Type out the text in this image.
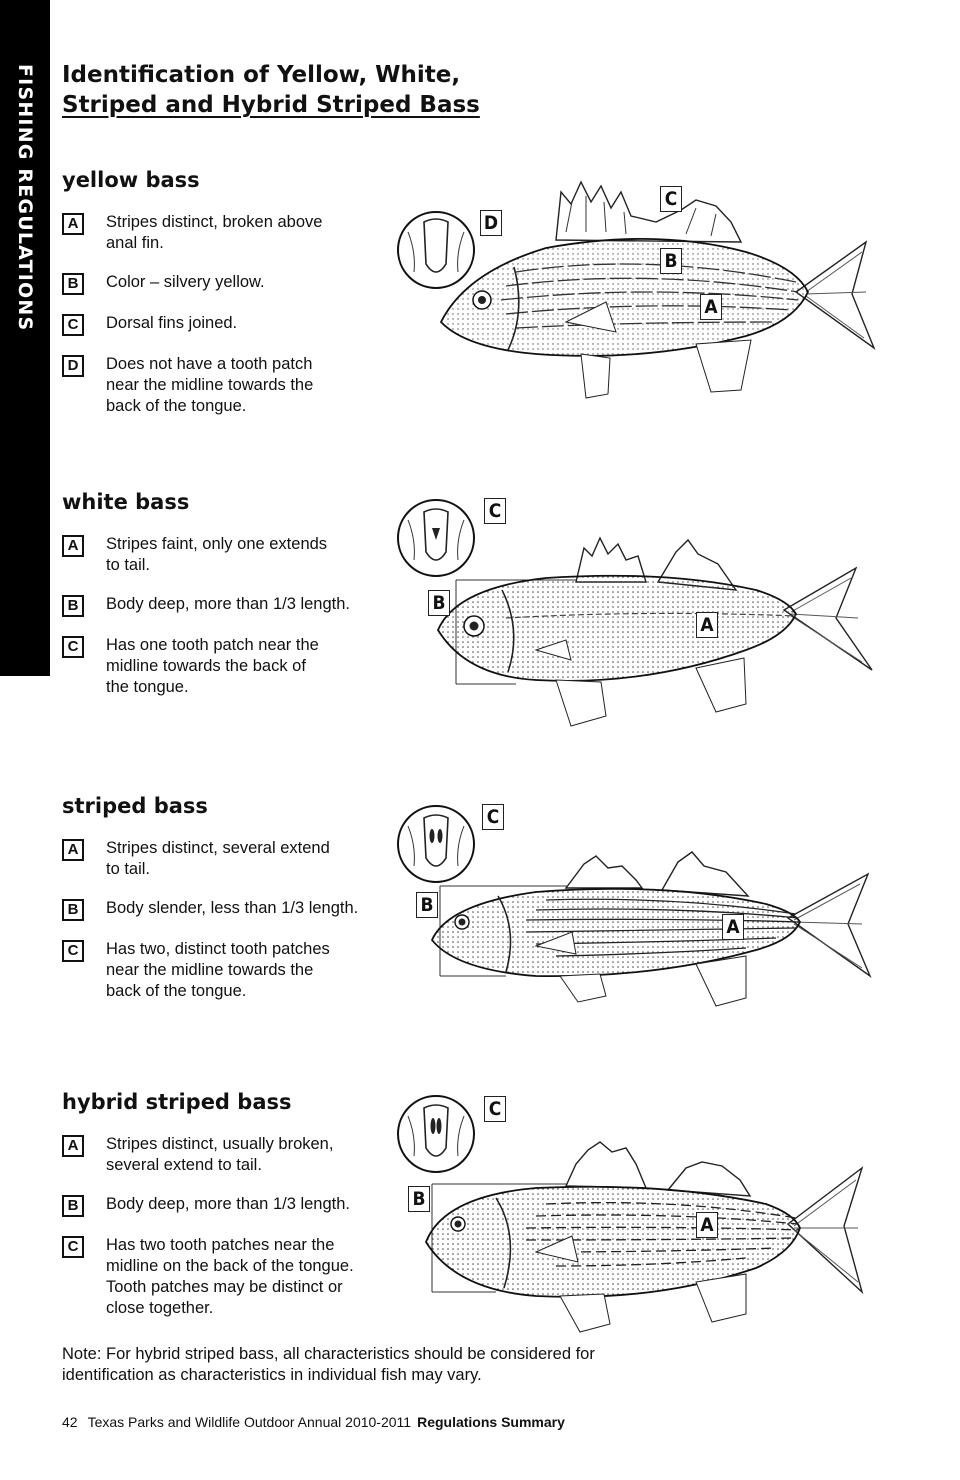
FISHING REGULATIONS	Identification of Yellow, White,
Striped and Hybrid Striped Bass
yellow bass
A	Stripes distinct, broken above anal fin.
B	Color – silvery yellow.
C	Dorsal fins joined.
D	Does not have a tooth patch near the midline towards the back of the tongue.
C
B
A
D
white bass
A	Stripes faint, only one extends to tail.
B	Body deep, more than 1/3 length.
C	Has one tooth patch near the midline towards the back of the tongue.
C
B
A
striped bass
A	Stripes distinct, several extend to tail.
B	Body slender, less than 1/3 length.
C	Has two, distinct tooth patches near the midline towards the back of the tongue.
C
B
A
hybrid striped bass
A	Stripes distinct, usually broken, several extend to tail.
B	Body deep, more than 1/3 length.
C	Has two tooth patches near the midline on the back of the tongue. Tooth patches may be distinct or close together.
C
B
A
Note: For hybrid striped bass, all characteristics should be considered for identification as characteristics in individual fish may vary.
42 Texas Parks and Wildlife Outdoor Annual 2010-2011 Regulations Summary
